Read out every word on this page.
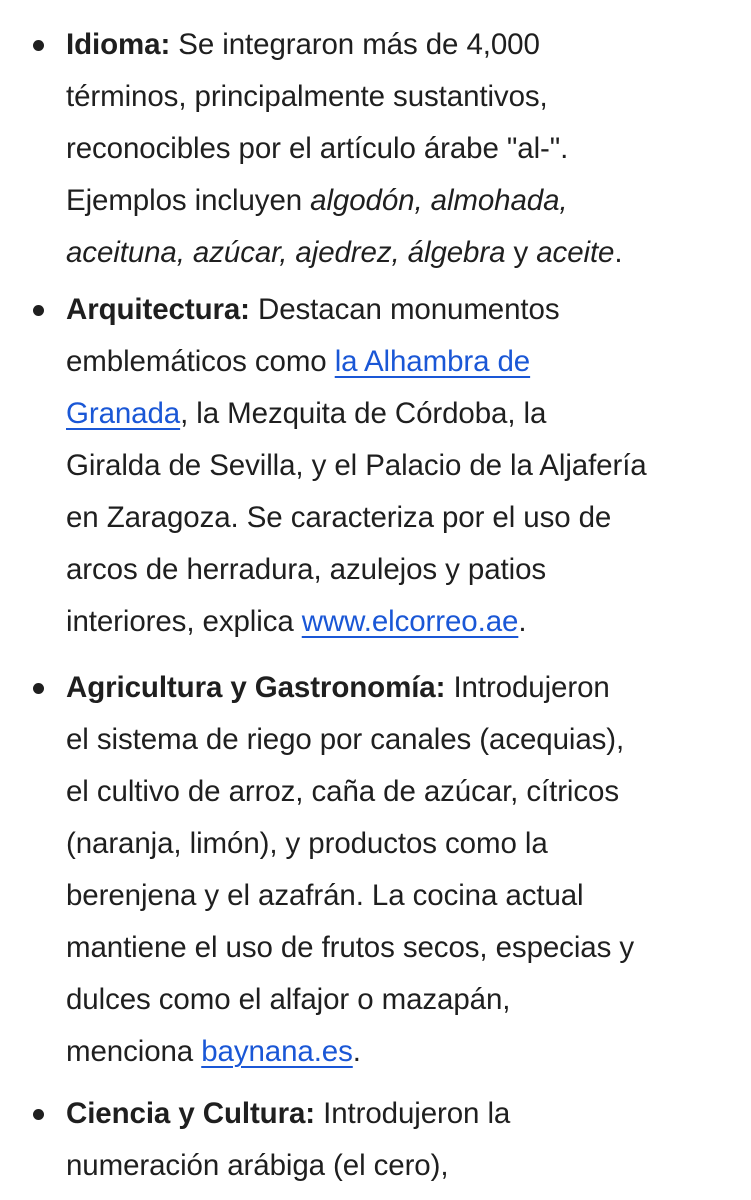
Idioma: Se integraron más de 4,000
términos, principalmente sustantivos,
reconocibles por el artículo árabe "al-".
Ejemplos incluyen algodón, almohada,
aceituna, azúcar, ajedrez, álgebra y aceite.

Arquitectura: Destacan monumentos
emblemáticos como la Alhambra de
Granada, la Mezquita de Córdoba, la
Giralda de Sevilla, y el Palacio de la Aljafería
en Zaragoza. Se caracteriza por el uso de
arcos de herradura, azulejos y patios
interiores, explica www.elcorreo.ae.

Agricultura y Gastronomía: Introdujeron
el sistema de riego por canales (acequias),
el cultivo de arroz, caña de azúcar, cítricos
(naranja, limón), y productos como la
berenjena y el azafrán. La cocina actual
mantiene el uso de frutos secos, especias y
dulces como el alfajor o mazapán,
menciona baynana.es.

Ciencia y Cultura: Introdujeron la
numeración arábiga (el cero),
